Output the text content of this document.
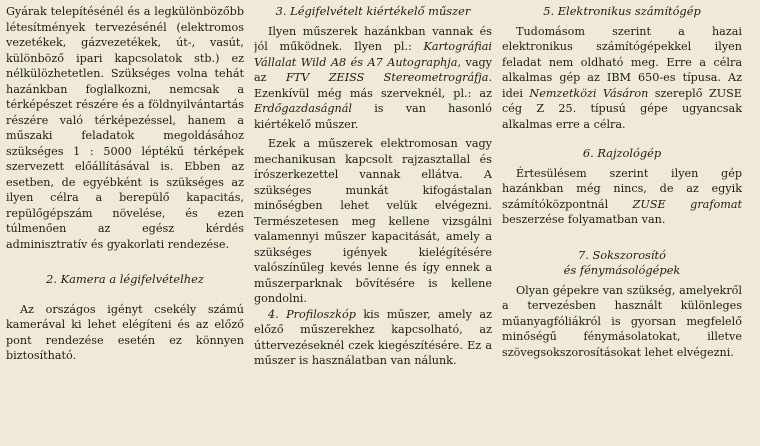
Gyárak telepítésénél és a legkülönbözőbb létesítmények tervezésénél (elektromos vezetékek, gázvezetékek, út-, vasút, különböző ipari kapcsolatok stb.) ez nélkülözhetetlen. Szükséges volna tehát hazánkban foglalkozni, nemcsak a térképészet részére és a földnyilvántartás részére való térképezéssel, hanem a műszaki feladatok megoldásához szükséges 1 : 5000 léptékű térképek szervezett előállításával is. Ebben az esetben, de egyébként is szükséges az ilyen célra a berepülő kapacitás, repülőgépszám növelése, és ezen túlmenően az egész kérdés adminisztratív és gyakorlati rendezése.

2. Kamera a légifelvételhez

Az országos igényt csekély számú kamerával ki lehet elégíteni és az előző pont rendezése esetén ez könnyen biztosítható.

3. Légifelvételt kiértékelő műszer

Ilyen műszerek hazánkban vannak és jól működnek. Ilyen pl.: Kartográfiai Vállalat Wild A8 és A7 Autographja, vagy az FTV ZEISS Stereometrográfja. Ezenkívül még más szerveknél, pl.: az Erdőgazdaságnál is van hasonló kiértékelő műszer.

Ezek a műszerek elektromosan vagy mechanikusan kapcsolt rajzasztallal és írószerkezettel vannak ellátva. A szükséges munkát kifogástalan minőségben lehet velük elvégezni. Természetesen meg kellene vizsgálni valamennyi műszer kapacitását, amely a szükséges igények kielégítésére valószínűleg kevés lenne és így ennek a műszerparknak bővítésére is kellene gondolni.

4. Profiloszkóp kis műszer, amely az előző műszerekhez kapcsolható, az úttervezéseknél czek kiegészítésére. Ez a műszer is használatban van nálunk.

5. Elektronikus számítógép

Tudomásom szerint a hazai elektronikus számítógépekkel ilyen feladat nem oldható meg. Erre a célra alkalmas gép az IBM 650-es típusa. Az idei Nemzetközi Vásáron szereplő ZUSE cég Z 25. típusú gépe ugyancsak alkalmas erre a célra.

6. Rajzológép

Értesülésem szerint ilyen gép hazánkban még nincs, de az egyik számítóközpontnál ZUSE grafomat beszerzése folyamatban van.

7. Sokszorosító

és fénymásológépek

Olyan gépekre van szükség, amelyekről a tervezésben használt különleges műanyagfóliákról is gyorsan megfelelő minőségű fénymásolatokat, illetve szövegsokszorosításokat lehet elvégezni.
